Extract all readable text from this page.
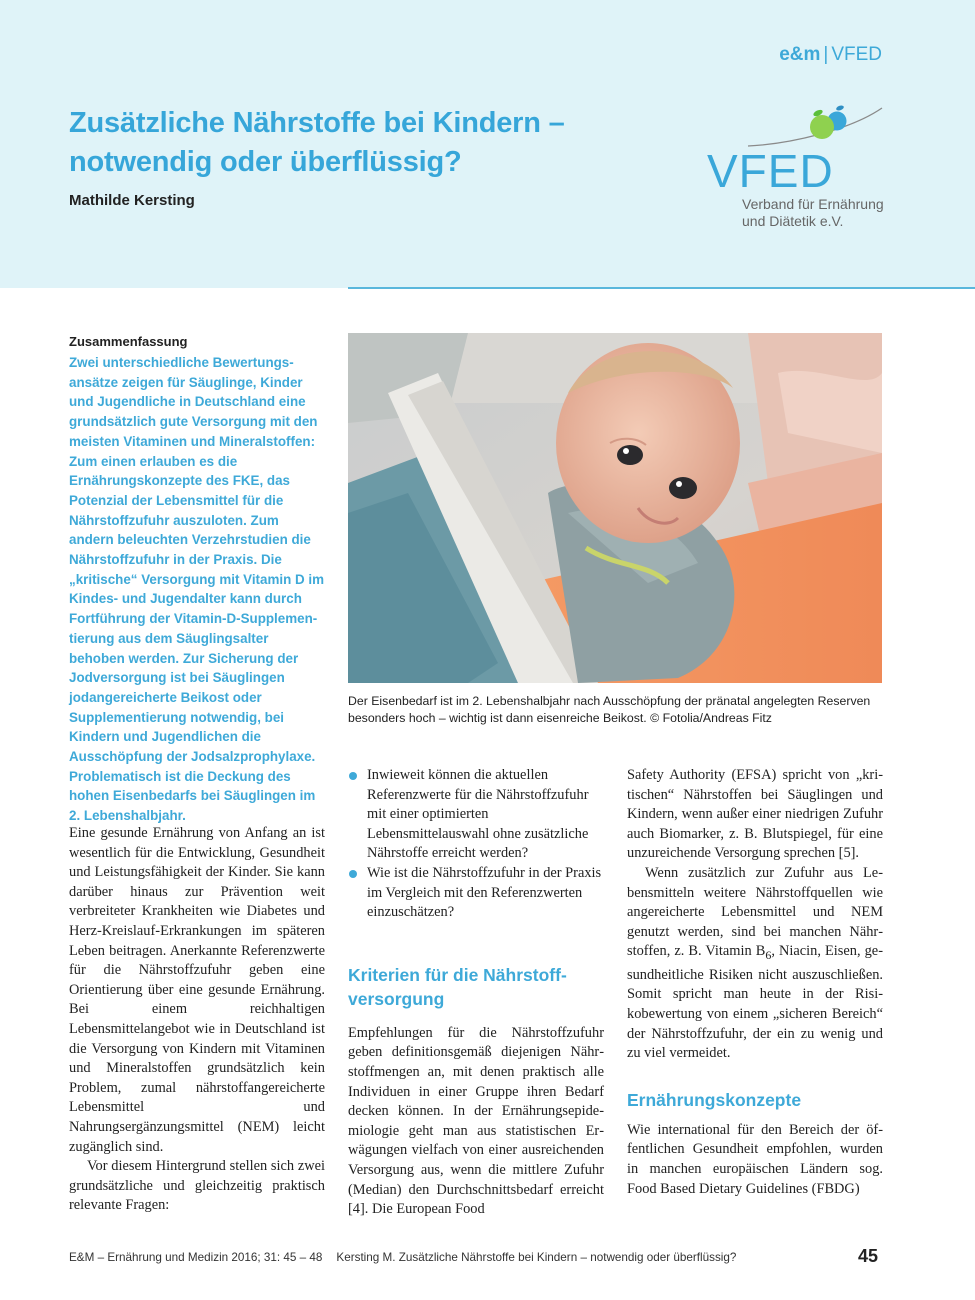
e&m | VFED
Zusätzliche Nährstoffe bei Kindern –
notwendig oder überflüssig?
Mathilde Kersting
VFED
Verband für Ernährung
und Diätetik e.V.
Zusammenfassung
Zwei unterschiedliche Bewertungsansätze zeigen für Säuglinge, Kinder und Jugendliche in Deutschland eine grundsätzlich gute Versorgung mit den meisten Vitaminen und Mineralstoffen: Zum einen erlauben es die Ernährungskonzepte des FKE, das Potenzial der Lebensmittel für die Nährstoffzufuhr auszuloten. Zum andern beleuchten Verzehrstudien die Nährstoffzufuhr in der Praxis. Die „kritische“ Versorgung mit Vitamin D im Kindes- und Jugendalter kann durch Fortführung der Vitamin-D-Supplementierung aus dem Säuglingsalter behoben werden. Zur Sicherung der Jodversorgung ist bei Säuglingen jodangereicherte Beikost oder Supplementierung notwendig, bei Kindern und Jugendlichen die Ausschöpfung der Jodsalzprophylaxe. Problematisch ist die Deckung des hohen Eisenbedarfs bei Säuglingen im 2. Lebenshalbjahr.
Der Eisenbedarf ist im 2. Lebenshalbjahr nach Ausschöpfung der pränatal angelegten Reserven besonders hoch – wichtig ist dann eisenreiche Beikost. © Fotolia/Andreas Fitz

Eine gesunde Ernährung von Anfang an ist wesentlich für die Entwicklung, Gesundheit und Leistungsfähigkeit der Kinder. Sie kann darüber hinaus zur Prävention weit verbreiteter Krankheiten wie Diabetes und Herz-Kreislauf-Erkrankungen im späteren Leben beitragen. Anerkannte Referenzwerte für die Nährstoffzufuhr geben eine Orientierung über eine gesunde Ernährung. Bei einem reichhaltigen Lebensmittelangebot wie in Deutschland ist die Versorgung von Kindern mit Vitaminen und Mineralstoffen grundsätzlich kein Problem, zumal nährstoffangereicherte Lebensmittel und Nahrungsergänzungsmittel (NEM) leicht zugänglich sind.

Vor diesem Hintergrund stellen sich zwei grundsätzliche und gleichzeitig praktisch relevante Fragen:

Inwieweit können die aktuellen Referenzwerte für die Nährstoffzufuhr mit einer optimierten Lebensmittelauswahl ohne zusätzliche Nährstoffe erreicht werden?
Wie ist die Nährstoffzufuhr in der Praxis im Vergleich mit den Referenzwerten einzuschätzen?
Kriterien für die Nährstoffversorgung

Empfehlungen für die Nährstoffzufuhr geben definitionsgemäß diejenigen Nährstoffmengen an, mit denen praktisch alle Individuen in einer Gruppe ihren Bedarf decken können. In der Ernährungsepidemiologie geht man aus statistischen Erwägungen vielfach von einer ausreichenden Versorgung aus, wenn die mittlere Zufuhr (Median) den Durchschnittsbedarf erreicht [4]. Die European Food

Safety Authority (EFSA) spricht von „kritischen“ Nährstoffen bei Säuglingen und Kindern, wenn außer einer niedrigen Zufuhr auch Biomarker, z. B. Blutspiegel, für eine unzureichende Versorgung sprechen [5].

Wenn zusätzlich zur Zufuhr aus Lebensmitteln weitere Nährstoffquellen wie angereicherte Lebensmittel und NEM genutzt werden, sind bei manchen Nährstoffen, z. B. Vitamin $B_6$, Niacin, Eisen, gesundheitliche Risiken nicht auszuschließen. Somit spricht man heute in der Risikobewertung von einem „sicheren Bereich“ der Nährstoffzufuhr, der ein zu wenig und zu viel vermeidet.

Ernährungskonzepte

Wie international für den Bereich der öffentlichen Gesundheit empfohlen, wurden in manchen europäischen Ländern sog. Food Based Dietary Guidelines (FBDG)

E&M – Ernährung und Medizin 2016; 31: 45 – 48 Kersting M. Zusätzliche Nährstoffe bei Kindern – notwendig oder überflüssig?	45
